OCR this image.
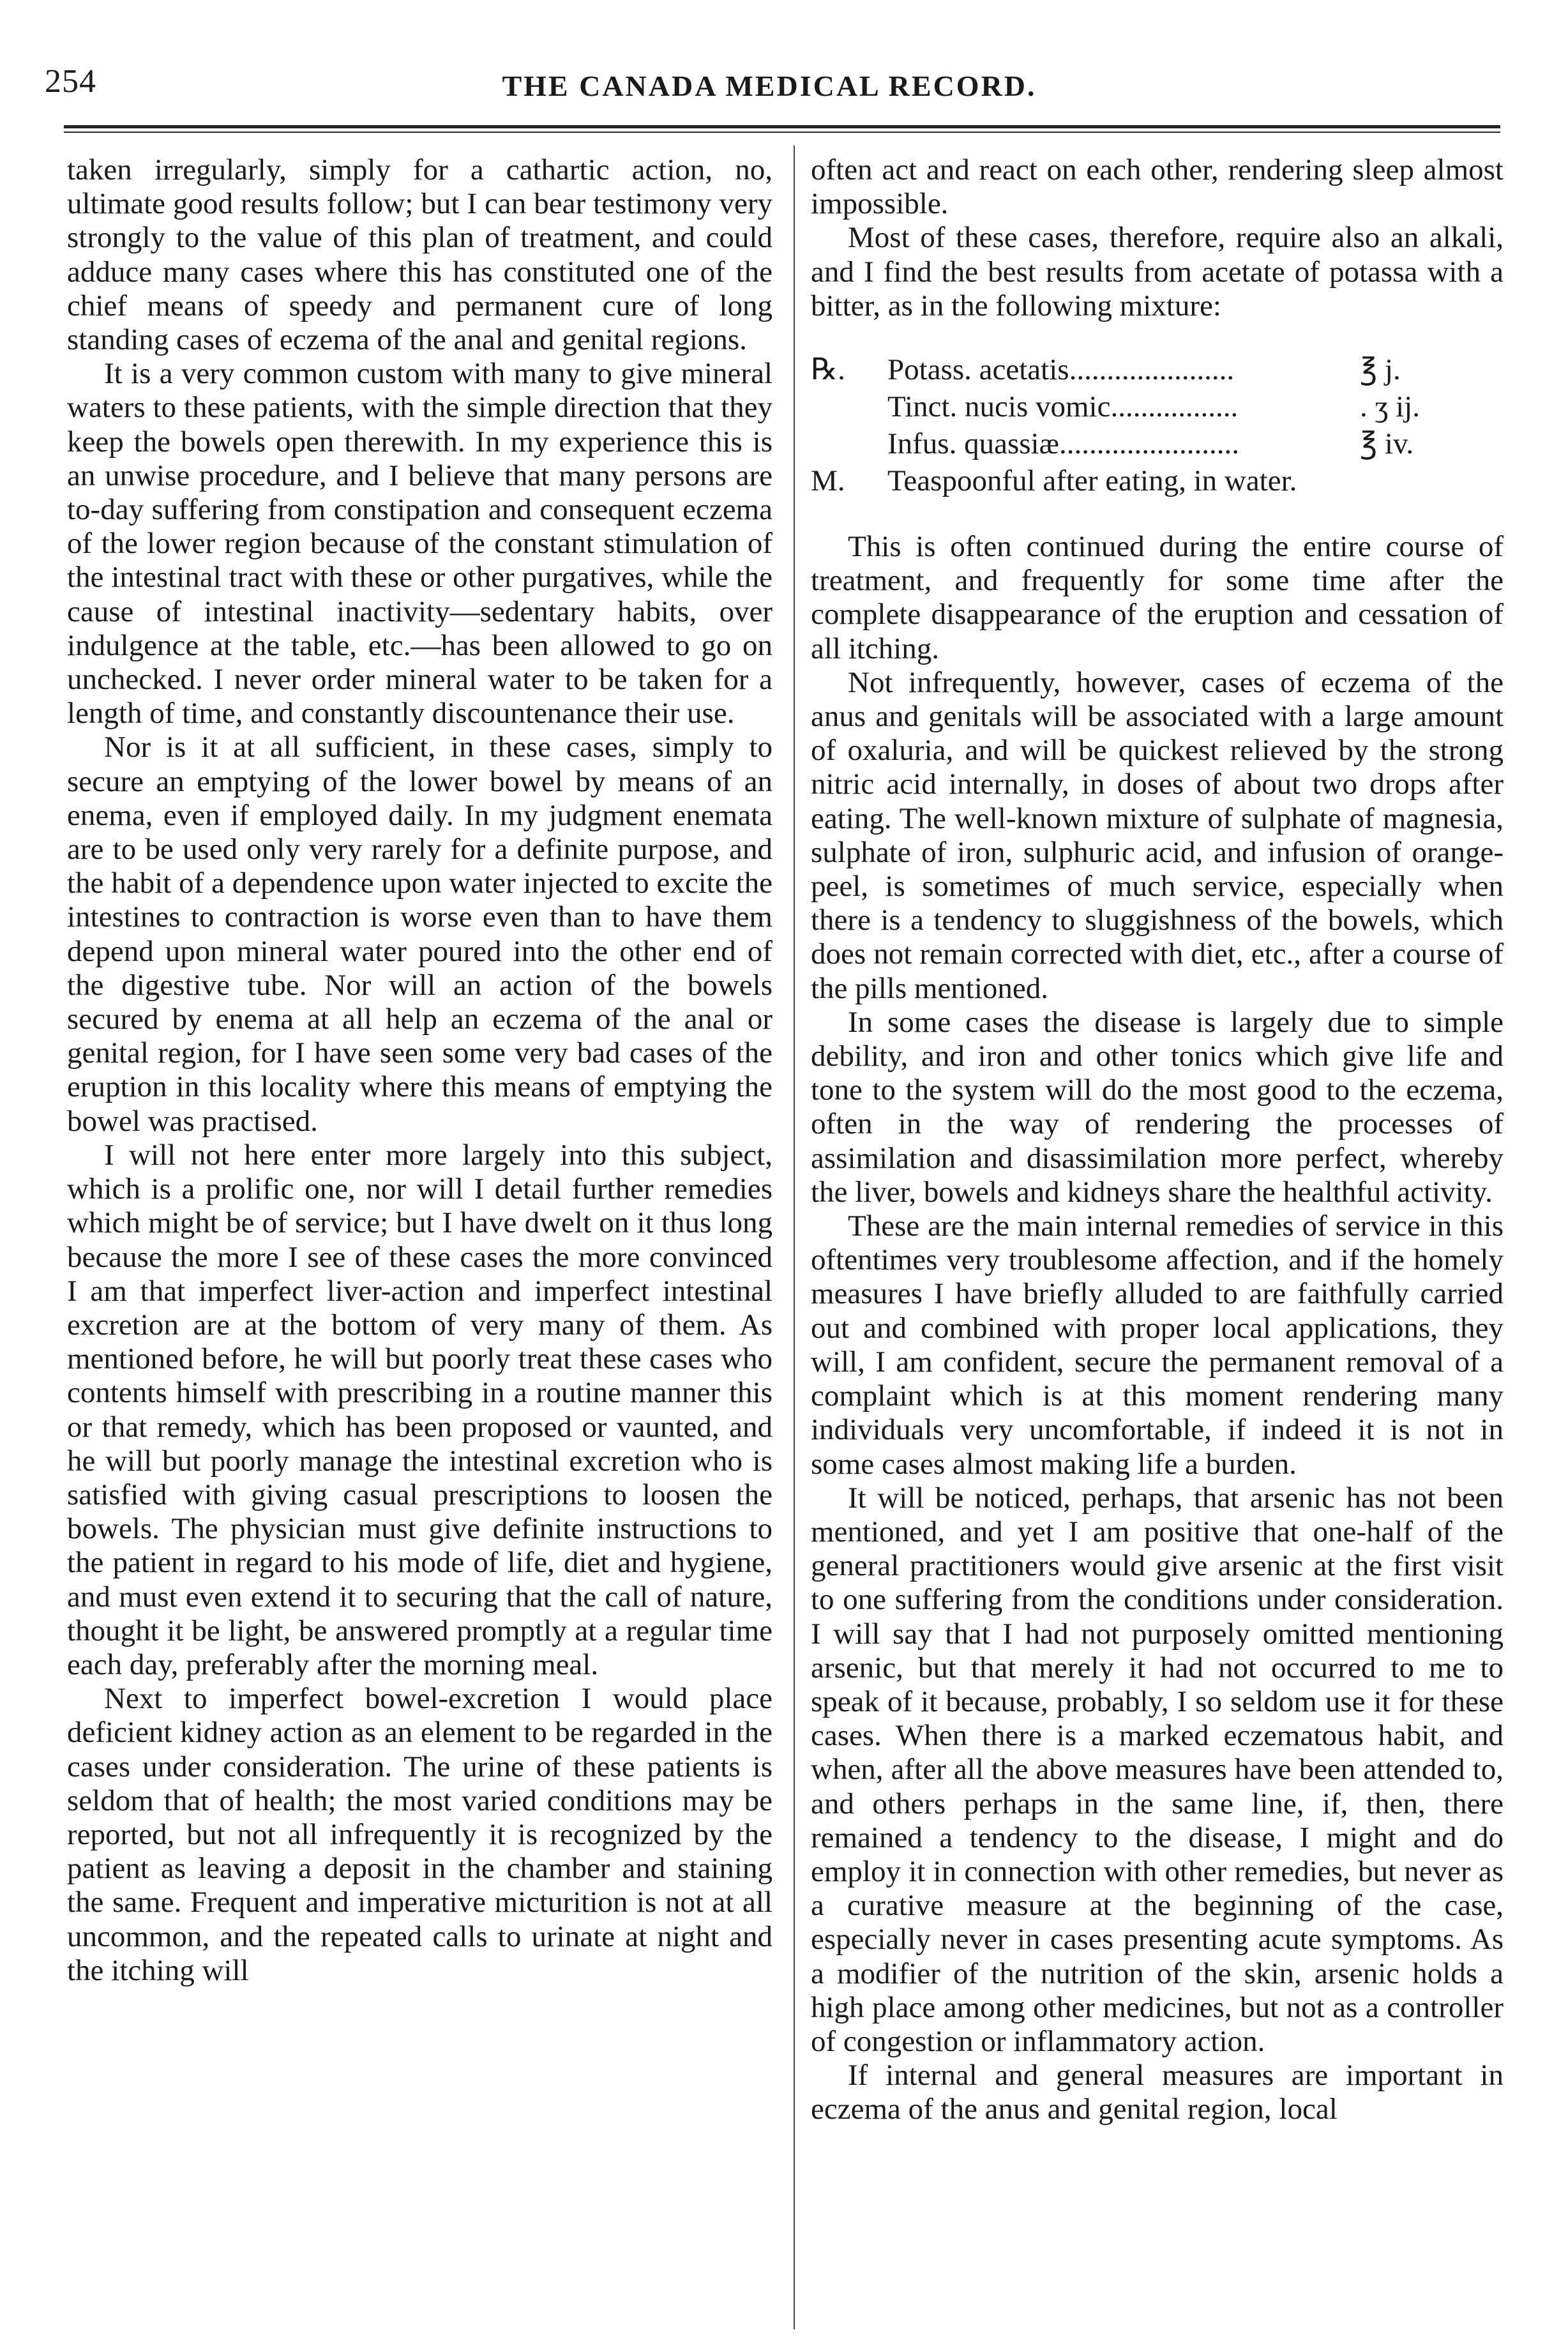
254	THE CANADA MEDICAL RECORD.

taken irregularly, simply for a cathartic action, no, ultimate good results follow; but I can bear testimony very strongly to the value of this plan of treatment, and could adduce many cases where this has constituted one of the chief means of speedy and permanent cure of long standing cases of eczema of the anal and genital regions.

It is a very common custom with many to give mineral waters to these patients, with the simple direction that they keep the bowels open therewith. In my experience this is an unwise procedure, and I believe that many persons are to-day suffering from constipation and consequent eczema of the lower region because of the constant stimulation of the intestinal tract with these or other purgatives, while the cause of intestinal inactivity—sedentary habits, over indulgence at the table, etc.—has been allowed to go on unchecked. I never order mineral water to be taken for a length of time, and constantly discountenance their use.

Nor is it at all sufficient, in these cases, simply to secure an emptying of the lower bowel by means of an enema, even if employed daily. In my judgment enemata are to be used only very rarely for a definite purpose, and the habit of a dependence upon water injected to excite the intestines to contraction is worse even than to have them depend upon mineral water poured into the other end of the digestive tube. Nor will an action of the bowels secured by enema at all help an eczema of the anal or genital region, for I have seen some very bad cases of the eruption in this locality where this means of emptying the bowel was practised.

I will not here enter more largely into this subject, which is a prolific one, nor will I detail further remedies which might be of service; but I have dwelt on it thus long because the more I see of these cases the more convinced I am that imperfect liver-action and imperfect intestinal excretion are at the bottom of very many of them. As mentioned before, he will but poorly treat these cases who contents himself with prescribing in a routine manner this or that remedy, which has been proposed or vaunted, and he will but poorly manage the intestinal excretion who is satisfied with giving casual prescriptions to loosen the bowels. The physician must give definite instructions to the patient in regard to his mode of life, diet and hygiene, and must even extend it to securing that the call of nature, thought it be light, be answered promptly at a regular time each day, preferably after the morning meal.

Next to imperfect bowel-excretion I would place deficient kidney action as an element to be regarded in the cases under consideration. The urine of these patients is seldom that of health; the most varied conditions may be reported, but not all infrequently it is recognized by the patient as leaving a deposit in the chamber and staining the same. Frequent and imperative micturition is not at all uncommon, and the repeated calls to urinate at night and the itching will

often act and react on each other, rendering sleep almost impossible.

Most of these cases, therefore, require also an alkali, and I find the best results from acetate of potassa with a bitter, as in the following mixture:

℞.	Potass. acetatis......................	℥ j.
Tinct. nucis vomic.................	. ʒ ij.
Infus. quassiæ........................	℥ iv.
M.	Teaspoonful after eating, in water.

This is often continued during the entire course of treatment, and frequently for some time after the complete disappearance of the eruption and cessation of all itching.

Not infrequently, however, cases of eczema of the anus and genitals will be associated with a large amount of oxaluria, and will be quickest relieved by the strong nitric acid internally, in doses of about two drops after eating. The well-known mixture of sulphate of magnesia, sulphate of iron, sulphuric acid, and infusion of orange-peel, is sometimes of much service, especially when there is a tendency to sluggishness of the bowels, which does not remain corrected with diet, etc., after a course of the pills mentioned.

In some cases the disease is largely due to simple debility, and iron and other tonics which give life and tone to the system will do the most good to the eczema, often in the way of rendering the processes of assimilation and disassimilation more perfect, whereby the liver, bowels and kidneys share the healthful activity.

These are the main internal remedies of service in this oftentimes very troublesome affection, and if the homely measures I have briefly alluded to are faithfully carried out and combined with proper local applications, they will, I am confident, secure the permanent removal of a complaint which is at this moment rendering many individuals very uncomfortable, if indeed it is not in some cases almost making life a burden.

It will be noticed, perhaps, that arsenic has not been mentioned, and yet I am positive that one-half of the general practitioners would give arsenic at the first visit to one suffering from the conditions under consideration. I will say that I had not purposely omitted mentioning arsenic, but that merely it had not occurred to me to speak of it because, probably, I so seldom use it for these cases. When there is a marked eczematous habit, and when, after all the above measures have been attended to, and others perhaps in the same line, if, then, there remained a tendency to the disease, I might and do employ it in connection with other remedies, but never as a curative measure at the beginning of the case, especially never in cases presenting acute symptoms. As a modifier of the nutrition of the skin, arsenic holds a high place among other medicines, but not as a controller of congestion or inflammatory action.

If internal and general measures are important in eczema of the anus and genital region, local
